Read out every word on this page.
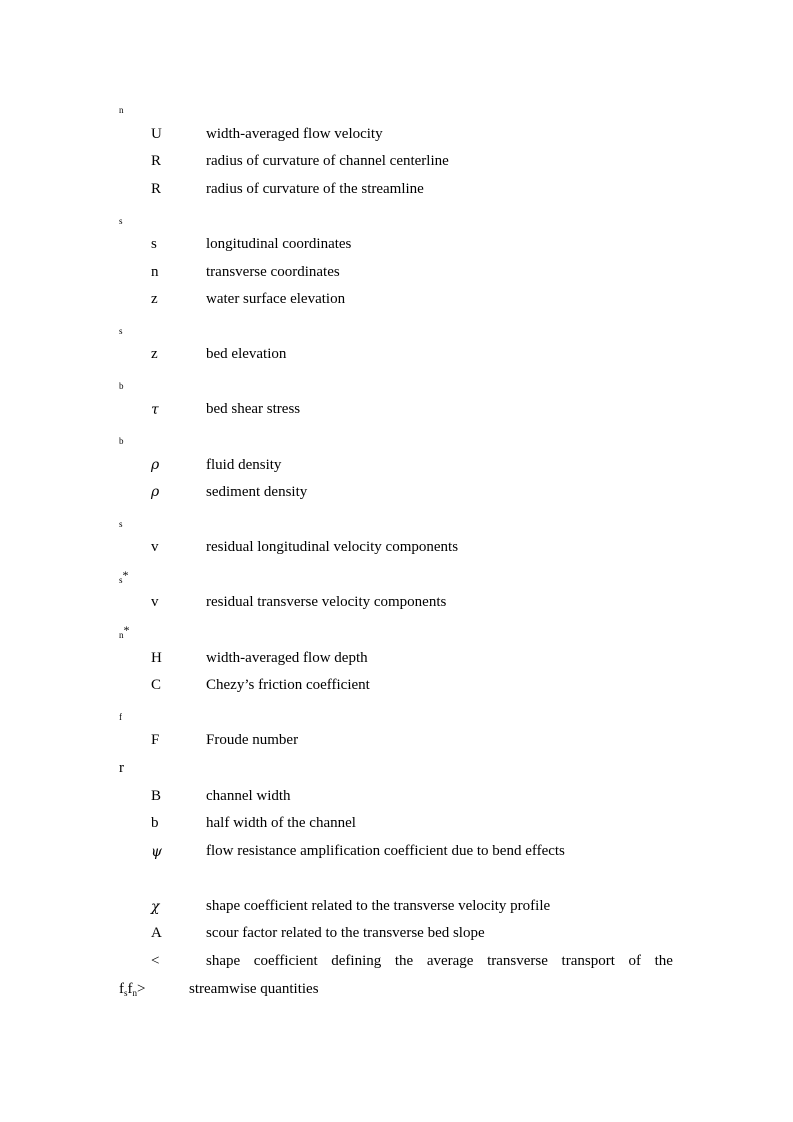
n
U	width-averaged flow velocity
R	radius of curvature of channel centerline
R	radius of curvature of the streamline
s
s	longitudinal coordinates
n	transverse coordinates
z	water surface elevation
s
z	bed elevation
b
τ	bed shear stress
b
ρ	fluid density
ρ	sediment density
s
v	residual longitudinal velocity components
s*
v	residual transverse velocity components
n*
H	width-averaged flow depth
C	Chezy’s friction coefficient
f
F	Froude number
r
B	channel width
b	half width of the channel
ψ	flow resistance amplification coefficient due to bend effects
χ	shape coefficient related to the transverse velocity profile
A	scour factor related to the transverse bed slope
<	shape coefficient defining the average transverse transport of the
$f_sf_n>$	streamwise quantities
